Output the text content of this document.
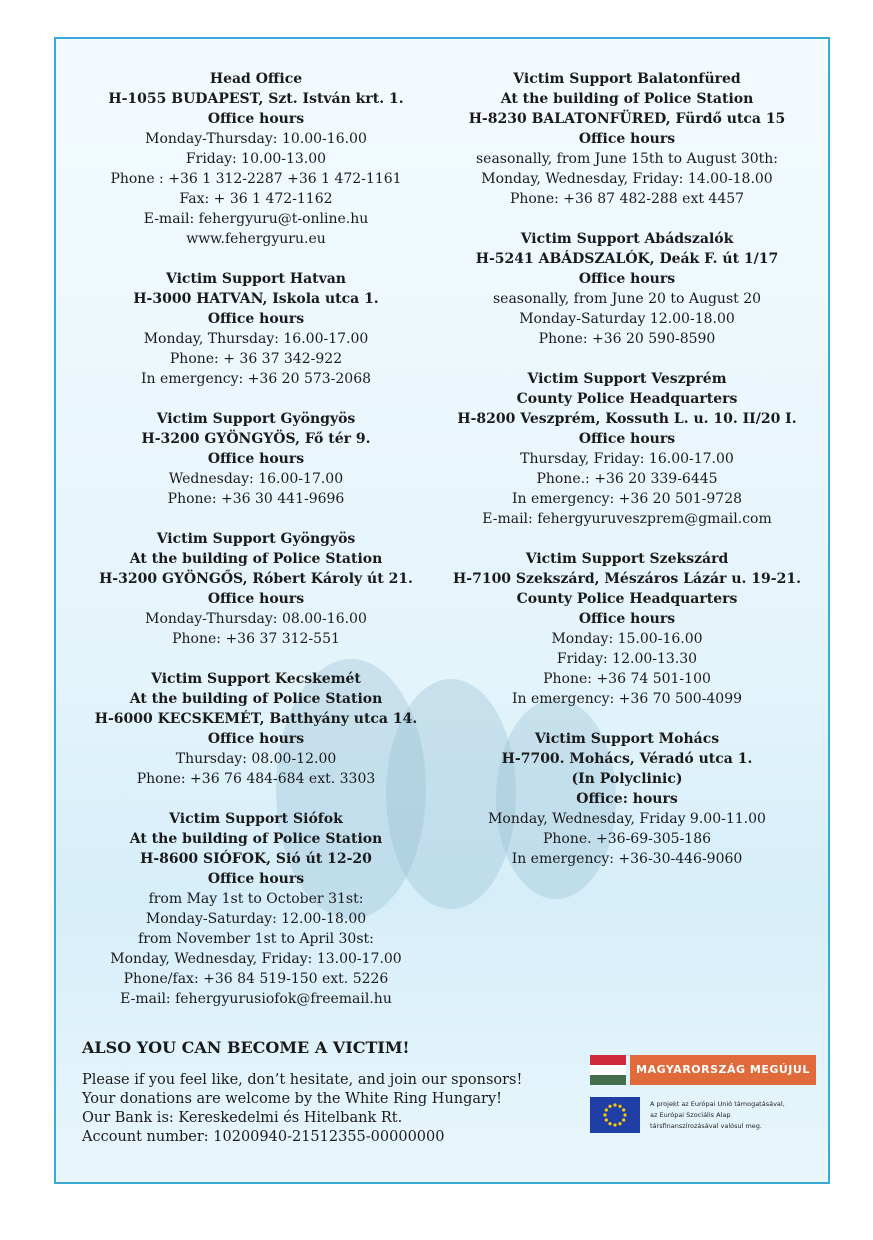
Head Office
H-1055 BUDAPEST, Szt. István krt. 1.
Office hours
Monday-Thursday: 10.00-16.00
Friday: 10.00-13.00
Phone : +36 1 312-2287 +36 1 472-1161
Fax: + 36 1 472-1162
E-mail: fehergyuru@t-online.hu
www.fehergyuru.eu
Victim Support Hatvan
H-3000 HATVAN, Iskola utca 1.
Office hours
Monday, Thursday: 16.00-17.00
Phone: + 36 37 342-922
In emergency: +36 20 573-2068
Victim Support Gyöngyös
H-3200 GYÖNGYÖS, Fő tér 9.
Office hours
Wednesday: 16.00-17.00
Phone: +36 30 441-9696
Victim Support Gyöngyös
At the building of Police Station
H-3200 GYÖNGŐS, Róbert Károly út 21.
Office hours
Monday-Thursday: 08.00-16.00
Phone: +36 37 312-551
Victim Support Kecskemét
At the building of Police Station
H-6000 KECSKEMÉT, Batthyány utca 14.
Office hours
Thursday: 08.00-12.00
Phone: +36 76 484-684 ext. 3303
Victim Support Siófok
At the building of Police Station
H-8600 SIÓFOK, Sió út 12-20
Office hours
from May 1st to October 31st:
Monday-Saturday: 12.00-18.00
from November 1st to April 30st:
Monday, Wednesday, Friday: 13.00-17.00
Phone/fax: +36 84 519-150 ext. 5226
E-mail: fehergyurusiofok@freemail.hu
Victim Support Balatonfüred
At the building of Police Station
H-8230 BALATONFÜRED, Fürdő utca 15
Office hours
seasonally, from June 15th to August 30th:
Monday, Wednesday, Friday: 14.00-18.00
Phone: +36 87 482-288 ext 4457
Victim Support Abádszalók
H-5241 ABÁDSZALÓK, Deák F. út 1/17
Office hours
seasonally, from June 20 to August 20
Monday-Saturday 12.00-18.00
Phone: +36 20 590-8590
Victim Support Veszprém
County Police Headquarters
H-8200 Veszprém, Kossuth L. u. 10. II/20 I.
Office hours
Thursday, Friday: 16.00-17.00
Phone.: +36 20 339-6445
In emergency: +36 20 501-9728
E-mail: fehergyuruveszprem@gmail.com
Victim Support Szekszárd
H-7100 Szekszárd, Mészáros Lázár u. 19-21.
County Police Headquarters
Office hours
Monday: 15.00-16.00
Friday: 12.00-13.30
Phone: +36 74 501-100
In emergency: +36 70 500-4099
Victim Support Mohács
H-7700. Mohács, Véradó utca 1.
(In Polyclinic)
Office: hours
Monday, Wednesday, Friday 9.00-11.00
Phone. +36-69-305-186
In emergency: +36-30-446-9060
ALSO YOU CAN BECOME A VICTIM!
Please if you feel like, don’t hesitate, and join our sponsors!
Your donations are welcome by the White Ring Hungary!
Our Bank is: Kereskedelmi és Hitelbank Rt.
Account number: 10200940-21512355-00000000
MAGYARORSZÁG MEGÚJUL
A projekt az Európai Unió támogatásával,
az Európai Szociális Alap
társfinanszírozásával valósul meg.
